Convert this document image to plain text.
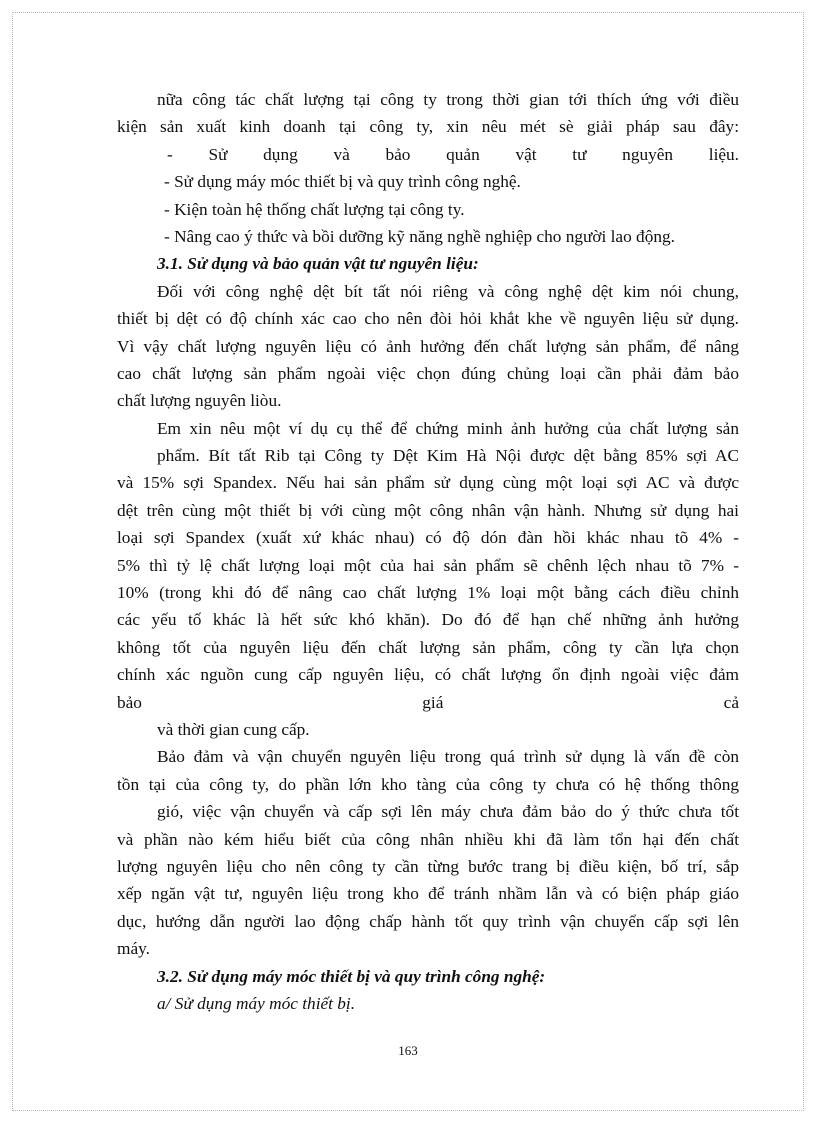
nữa công tác chất lượng tại công ty trong thời gian tới thích ứng với điều
kiện sản xuất kinh doanh tại công ty, xin nêu mét sè giải pháp sau đây:
- Sử dụng và bảo quản vật tư nguyên liệu.
- Sử dụng máy móc thiết bị và quy trình công nghệ.
- Kiện toàn hệ thống chất lượng tại công ty.
- Nâng cao ý thức và bồi dưỡng kỹ năng nghề nghiệp cho người lao động.
3.1. Sử dụng và bảo quản vật tư nguyên liệu:
Đối với công nghệ dệt bít tất nói riêng và công nghệ dệt kim nói chung,
thiết bị dệt có độ chính xác cao cho nên đòi hỏi khắt khe về nguyên liệu sử dụng.
Vì vậy chất lượng nguyên liệu có ảnh hưởng đến chất lượng sản phẩm, để nâng
cao chất lượng sản phẩm ngoài việc chọn đúng chủng loại cần phải đảm bảo
chất lượng nguyên liòu.
Em xin nêu một ví dụ cụ thể để chứng minh ảnh hưởng của chất lượng sản
phẩm. Bít tất Rib tại Công ty Dệt Kim Hà Nội được dệt bằng 85% sợi AC
và 15% sợi Spandex. Nếu hai sản phẩm sử dụng cùng một loại sợi AC và được
dệt trên cùng một thiết bị với cùng một công nhân vận hành. Nhưng sử dụng hai
loại sợi Spandex (xuất xứ khác nhau) có độ dón đàn hồi khác nhau tõ 4% -
5% thì tỷ lệ chất lượng loại một của hai sản phẩm sẽ chênh lệch nhau tõ 7% -
10% (trong khi đó để nâng cao chất lượng 1% loại một bằng cách điều chỉnh
các yếu tố khác là hết sức khó khăn). Do đó để hạn chế những ảnh hưởng
không tốt của nguyên liệu đến chất lượng sản phẩm, công ty cần lựa chọn
chính xác nguồn cung cấp nguyên liệu, có chất lượng ổn định ngoài việc đảm
bảo giá cả
và thời gian cung cấp.
Bảo đảm và vận chuyển nguyên liệu trong quá trình sử dụng là vấn đề còn
tồn tại của công ty, do phần lớn kho tàng của công ty chưa có hệ thống thông
gió, việc vận chuyển và cấp sợi lên máy chưa đảm bảo do ý thức chưa tốt
và phần nào kém hiểu biết của công nhân nhiều khi đã làm tổn hại đến chất
lượng nguyên liệu cho nên công ty cần từng bước trang bị điều kiện, bố trí, sắp
xếp ngăn vật tư, nguyên liệu trong kho để tránh nhầm lẫn và có biện pháp giáo
dục, hướng dẫn người lao động chấp hành tốt quy trình vận chuyển cấp sợi lên
máy.
3.2. Sử dụng máy móc thiết bị và quy trình công nghệ:
a/ Sử dụng máy móc thiết bị.
163
